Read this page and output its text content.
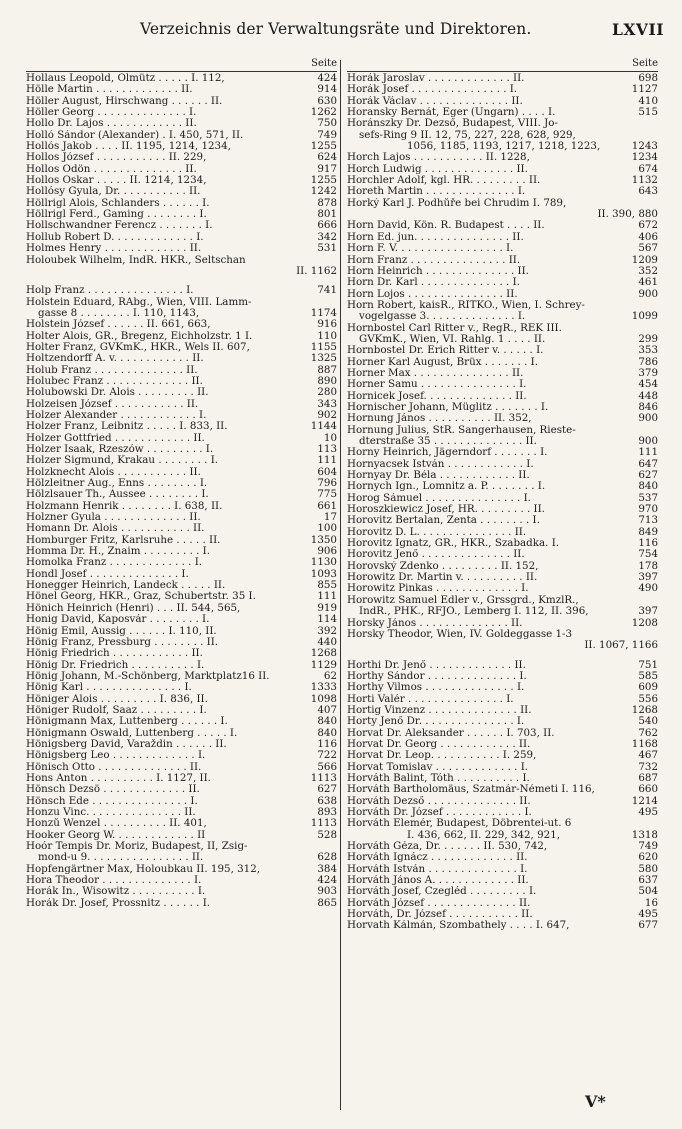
Verzeichnis der Verwaltungsräte und Direktoren.	LXVII
Seite
Hollaus Leopold, Olmütz . . . . . I. 112,	424
Hölle Martin . . . . . . . . . . . . . II.	914
Höller August, Hirschwang . . . . . . II.	630
Höller Georg . . . . . . . . . . . . . . I.	1262
Hollo Dr. Lajos . . . . . . . . . . . . II.	750
Holló Sándor (Alexander) . I. 450, 571, II.	749
Hollós Jakob . . . . II. 1195, 1214, 1234,	1255
Hollos József . . . . . . . . . . . II. 229,	624
Hollos Ödön . . . . . . . . . . . . . . II.	917
Hollos Oskar . . . . . II. 1214, 1234,	1255
Hollósy Gyula, Dr. . . . . . . . . . . II.	1242
Höllrigl Alois, Schlanders . . . . . . I.	878
Höllrigl Ferd., Gaming . . . . . . . . I.	801
Hollschwandner Ferencz . . . . . . . I.	666
Hollub Robert D. . . . . . . . . . . . . I.	342
Holmes Henry . . . . . . . . . . . . . II.	531
Holoubek Wilhelm, IndR. HKR., Seltschan
II. 1162
Holp Franz . . . . . . . . . . . . . . . I.	741
Holstein Eduard, RAbg., Wien, VIII. Lamm-
gasse 8 . . . . . . . . I. 110, 1143,	1174
Holstein József . . . . . . II. 661, 663,	916
Holter Alois, GR., Bregenz, Eichholzstr. 1 I.	110
Holter Franz, GVKmK., HKR., Wels II. 607,	1155
Holtzendorff A. v. . . . . . . . . . . . II.	1325
Holub Franz . . . . . . . . . . . . . . II.	887
Holubec Franz . . . . . . . . . . . . . II.	890
Holubowski Dr. Alois . . . . . . . . . II.	280
Holzeisen József . . . . . . . . . . . II.	343
Holzer Alexander . . . . . . . . . . . . I.	902
Holzer Franz, Leibnitz . . . . . I. 833, II.	1144
Holzer Gottfried . . . . . . . . . . . . II.	10
Holzer Isaak, Rzeszów . . . . . . . . . I.	113
Holzer Sigmund, Krakau . . . . . . . . I.	111
Holzknecht Alois . . . . . . . . . . . II.	604
Hölzleitner Aug., Enns . . . . . . . . I.	796
Hölzlsauer Th., Aussee . . . . . . . . I.	775
Holzmann Henrik . . . . . . . . I. 638, II.	661
Holzner Gyula . . . . . . . . . . . . . II.	17
Homann Dr. Alois . . . . . . . . . . . II.	100
Homburger Fritz, Karlsruhe . . . . . II.	1350
Homma Dr. H., Znaim . . . . . . . . . I.	906
Homolka Franz . . . . . . . . . . . . . I.	1130
Hondl Josef . . . . . . . . . . . . . . I.	1093
Honegger Heinrich, Landeck . . . . . II.	855
Hönel Georg, HKR., Graz, Schubertstr. 35 I.	111
Hönich Heinrich (Henri) . . . II. 544, 565,	919
Honig David, Kaposvár . . . . . . . . I.	114
Hönig Emil, Aussig . . . . . . I. 110, II.	392
Hönig Franz, Pressburg . . . . . . . . II.	440
Hönig Friedrich . . . . . . . . . . . . II.	1268
Hönig Dr. Friedrich . . . . . . . . . . I.	1129
Hönig Johann, M.-Schönberg, Marktplatz16 II.	62
Hönig Karl . . . . . . . . . . . . . . . I.	1333
Höniger Alois . . . . . . . . . I. 836, II.	1098
Höniger Rudolf, Saaz . . . . . . . . . I.	407
Hönigmann Max, Luttenberg . . . . . . I.	840
Hönigmann Oswald, Luttenberg . . . . . I.	840
Hönigsberg David, Varaždin . . . . . . II.	116
Hönigsberg Leo . . . . . . . . . . . . . I.	722
Hönisch Otto . . . . . . . . . . . . . . II.	566
Hons Anton . . . . . . . . . . I. 1127, II.	1113
Hönsch Dezsö . . . . . . . . . . . . . II.	627
Hönsch Ede . . . . . . . . . . . . . . . I.	638
Honzu Vinc. . . . . . . . . . . . . . . II.	893
Honzů Wenzel . . . . . . . . . . II. 401,	1113
Hooker Georg W. . . . . . . . . . . . . II	528
Hoór Tempis Dr. Moriz, Budapest, II, Zsig-
mond-u 9. . . . . . . . . . . . . . . . II.	628
Hopfengärtner Max, Holoubkau II. 195, 312,	384
Hora Theodor . . . . . . . . . . . . . . I.	424
Horák In., Wisowitz . . . . . . . . . . I.	903
Horák Dr. Josef, Prossnitz . . . . . . I.	865
Seite
Horák Jaroslav . . . . . . . . . . . . . II.	698
Horák Josef . . . . . . . . . . . . . . . I.	1127
Horák Václav . . . . . . . . . . . . . . II.	410
Horansky Bernát, Eger (Ungarn) . . . . I.	515
Horánszky Dr. Dezső, Budapest, VIII. Jo-
sefs-Ring 9 II. 12, 75, 227, 228, 628, 929,
1056, 1185, 1193, 1217, 1218, 1223,	1243
Horch Lajos . . . . . . . . . . . II. 1228,	1234
Horch Ludwig . . . . . . . . . . . . . . II.	674
Horchler Adolf, kgl. HR. . . . . . . . . II.	1132
Horeth Martin . . . . . . . . . . . . . . I.	643
Horký Karl J. Podhůře bei Chrudim I. 789,
II. 390, 880
Horn David, Kön. R. Budapest . . . . II.	672
Horn Ed. jun. . . . . . . . . . . . . . . II.	406
Horn F. V. . . . . . . . . . . . . . . . . I.	567
Horn Franz . . . . . . . . . . . . . . . II.	1209
Horn Heinrich . . . . . . . . . . . . . . II.	352
Horn Dr. Karl . . . . . . . . . . . . . . I.	461
Horn Lojos . . . . . . . . . . . . . . . II.	900
Horn Robert, kaisR., RITKO., Wien, I. Schrey-
vogelgasse 3. . . . . . . . . . . . . . I.	1099
Hornbostel Carl Ritter v., RegR., REK III.
GVKmK., Wien, VI. Rahlg. 1 . . . . II.	299
Hornbostel Dr. Erich Ritter v. . . . . . I.	353
Horner Karl August, Brüx . . . . . . . I.	786
Horner Max . . . . . . . . . . . . . . . II.	379
Horner Samu . . . . . . . . . . . . . . . I.	454
Hornicek Josef. . . . . . . . . . . . . . II.	448
Hornischer Johann, Müglitz . . . . . . . I.	846
Hornung János . . . . . . . . . . II. 352,	900
Hornung Julius, StR. Sangerhausen, Rieste-
dterstraße 35 . . . . . . . . . . . . . . II.	900
Horny Heinrich, Jägerndorf . . . . . . . I.	111
Hornyacsek István . . . . . . . . . . . . I.	647
Hornyay Dr. Béla . . . . . . . . . . . . II.	627
Hornych Ign., Lomnitz a. P. . . . . . . . I.	840
Horog Sámuel . . . . . . . . . . . . . . . I.	537
Horoszkiewicz Josef, HR. . . . . . . . . II.	970
Horovitz Bertalan, Zenta . . . . . . . . I.	713
Horovitz D. L. . . . . . . . . . . . . . . II.	849
Horovitz Ignatz, GR., HKR., Szabadka. I.	116
Horovitz Jenő . . . . . . . . . . . . . . II.	754
Horovský Zdenko . . . . . . . . . II. 152,	178
Horowitz Dr. Martin v. . . . . . . . . . II.	397
Horowitz Pinkas . . . . . . . . . . . . . I.	490
Horowitz Samuel Edler v., Grssgrd., KmzlR.,
IndR., PHK., RFJO., Lemberg I. 112, II. 396,	397
Horsky János . . . . . . . . . . . . . . II.	1208
Horsky Theodor, Wien, IV. Goldeggasse 1-3
II. 1067, 1166
Horthi Dr. Jenő . . . . . . . . . . . . . II.	751
Horthy Sándor . . . . . . . . . . . . . . I.	585
Horthy Vilmos . . . . . . . . . . . . . . I.	609
Horti Valér . . . . . . . . . . . . . . . I.	556
Hortig Vinzenz . . . . . . . . . . . . . . II.	1268
Horty Jenő Dr. . . . . . . . . . . . . . . I.	540
Horvat Dr. Aleksander . . . . . . I. 703, II.	762
Horvat Dr. Georg . . . . . . . . . . . . II.	1168
Horvat Dr. Leop. . . . . . . . . . . I. 259,	467
Horvat Tomislav . . . . . . . . . . . . . I.	732
Horváth Balint, Tóth . . . . . . . . . . I.	687
Horváth Bartholomäus, Szatmár-Németi I. 116,	660
Horváth Dezső . . . . . . . . . . . . . . II.	1214
Horváth Dr. József . . . . . . . . . . . . I.	495
Horváth Elemér, Budapest, Döbrentei-ut. 6
I. 436, 662, II. 229, 342, 921,	1318
Horváth Géza, Dr. . . . . . . II. 530, 742,	749
Horváth Ignácz . . . . . . . . . . . . . II.	620
Horváth István . . . . . . . . . . . . . . I.	580
Horváth János A. . . . . . . . . . . . . II.	637
Horváth Josef, Czegléd . . . . . . . . . I.	504
Horváth József . . . . . . . . . . . . . . II.	16
Horváth, Dr. József . . . . . . . . . . . II.	495
Horvath Kálmán, Szombathely . . . . I. 647,	677
V*
